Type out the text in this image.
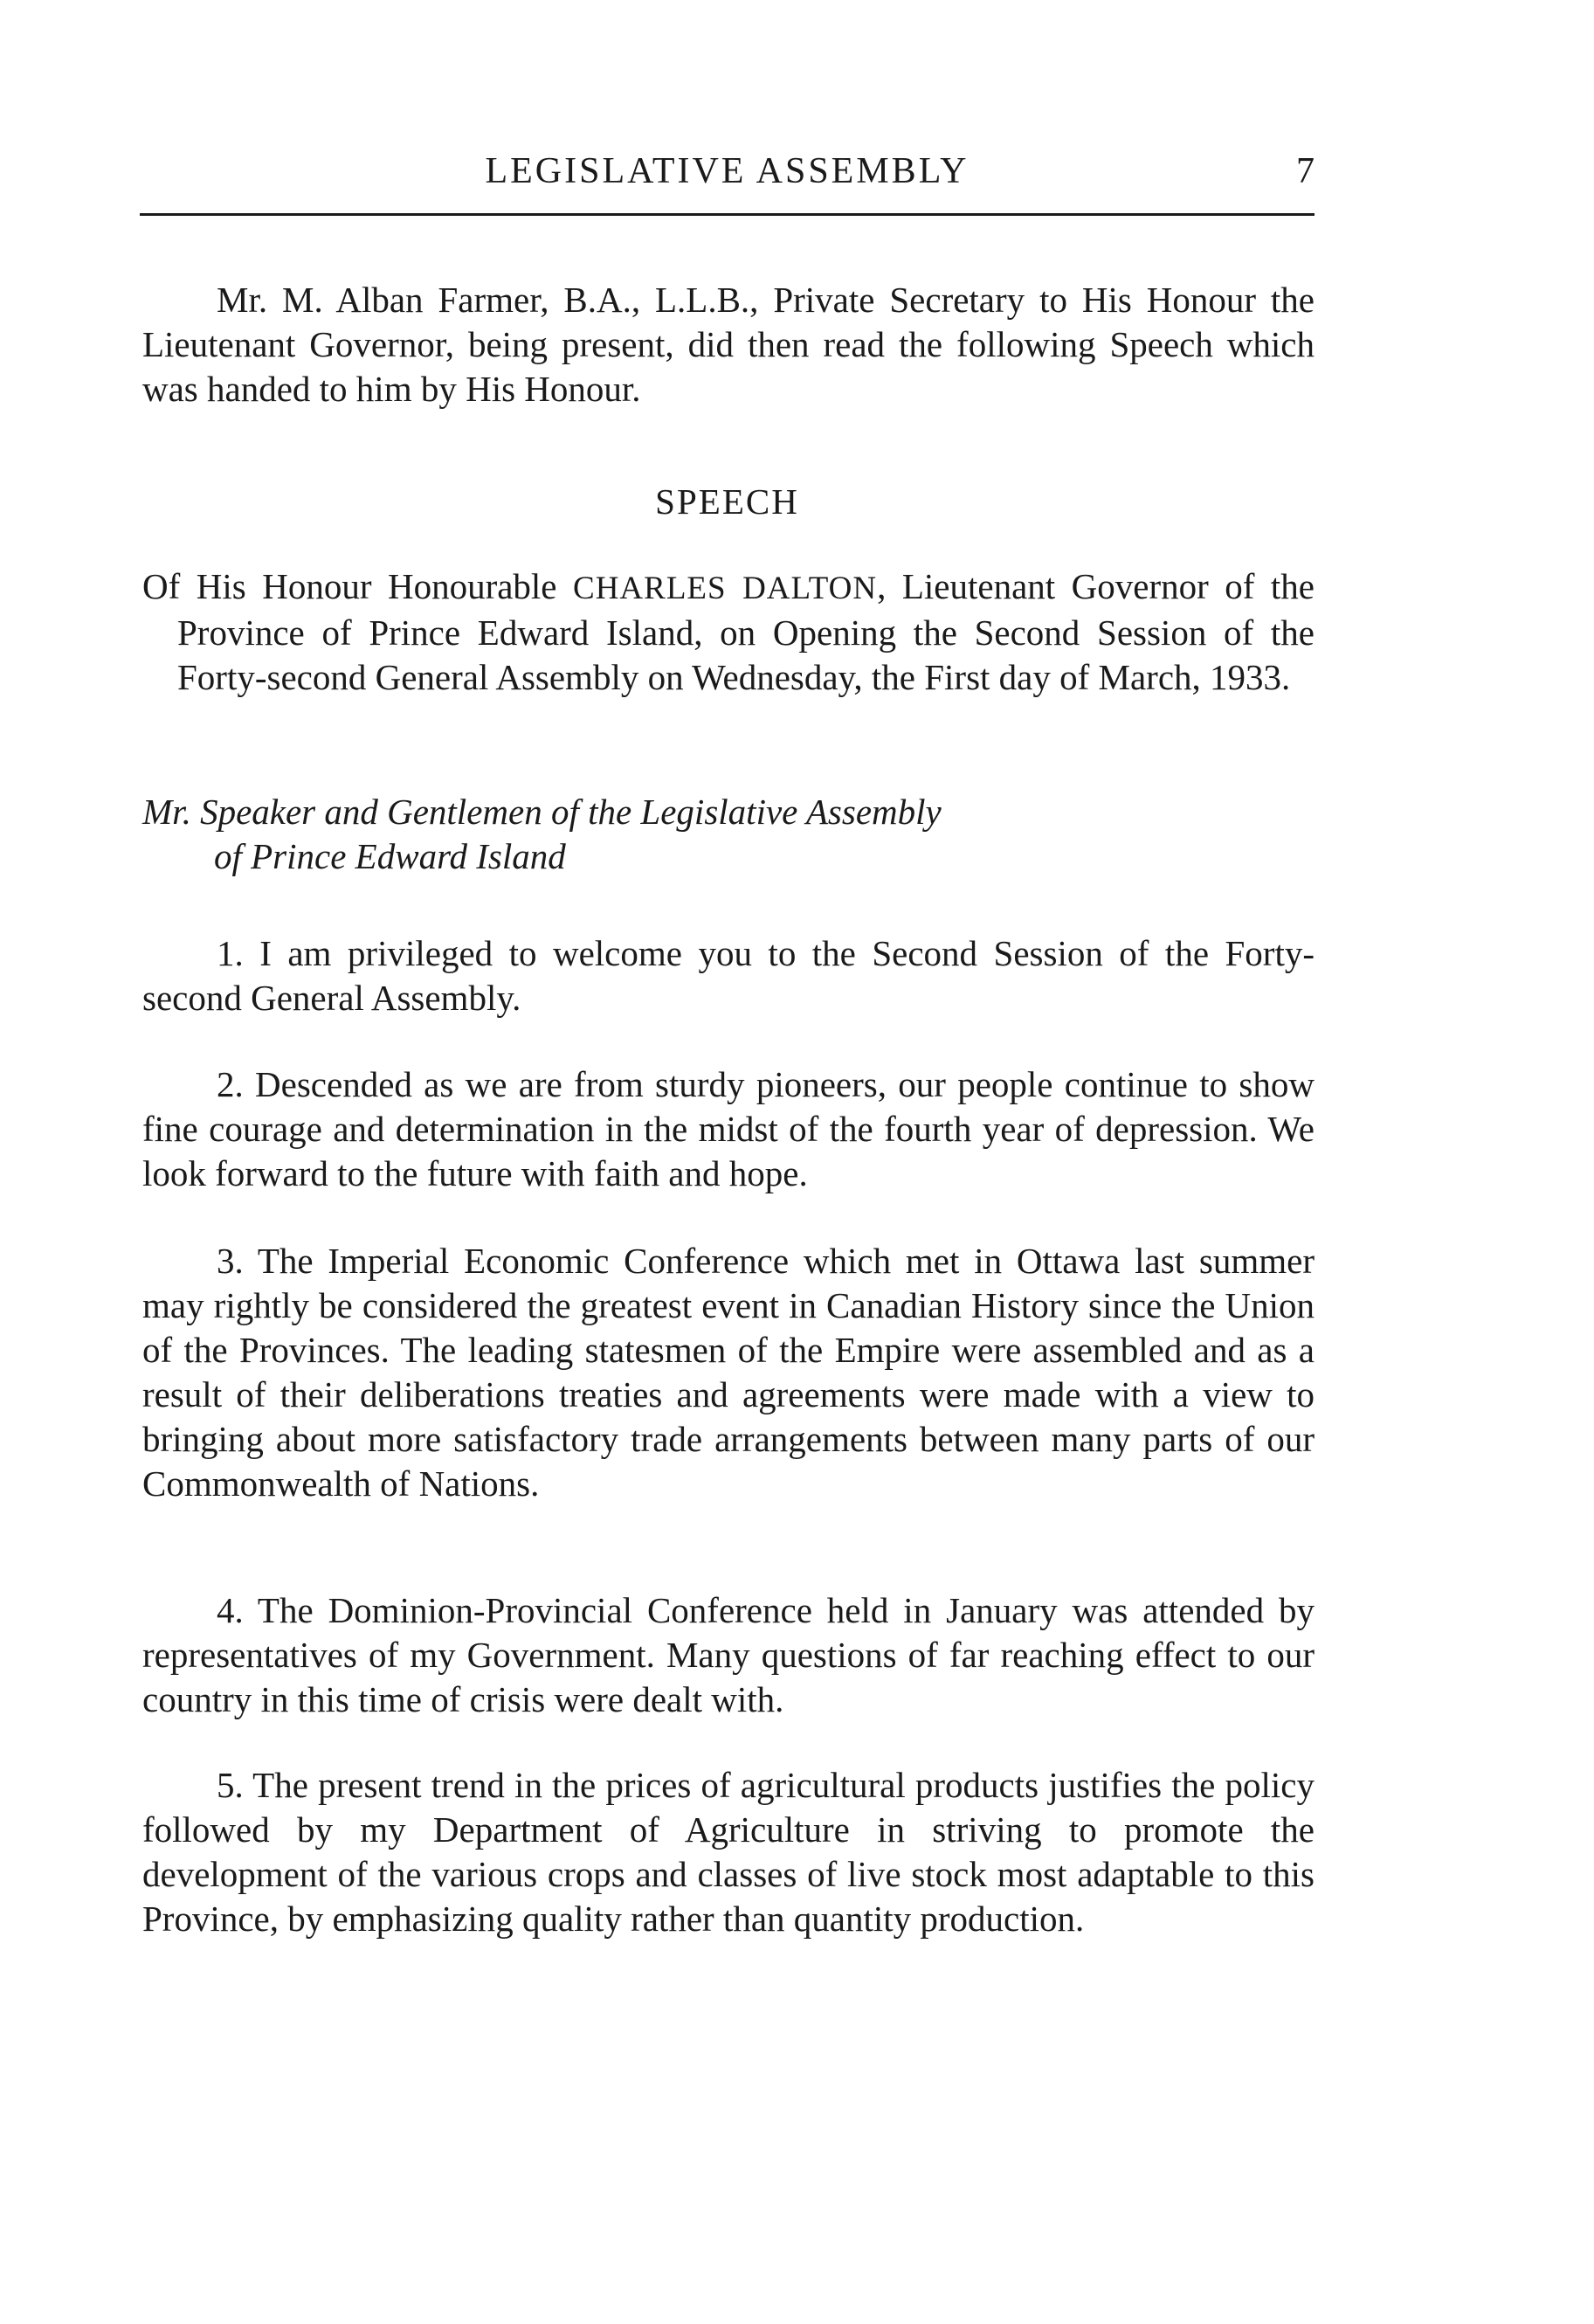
LEGISLATIVE ASSEMBLY	7

Mr. M. Alban Farmer, B.A., L.L.B., Private Secretary to His Honour the Lieutenant Governor, being present, did then read the following Speech which was handed to him by His Honour.

SPEECH

Of His Honour Honourable CHARLES DALTON, Lieutenant Governor of the Province of Prince Edward Island, on Opening the Second Session of the Forty-second General Assembly on Wednesday, the First day of March, 1933.

Mr. Speaker and Gentlemen of the Legislative Assembly
of Prince Edward Island

1. I am privileged to welcome you to the Second Session of the Forty-second General Assembly.

2. Descended as we are from sturdy pioneers, our people continue to show fine courage and determination in the midst of the fourth year of depression. We look forward to the future with faith and hope.

3. The Imperial Economic Conference which met in Ottawa last summer may rightly be considered the greatest event in Canadian History since the Union of the Provinces. The leading statesmen of the Empire were assembled and as a result of their deliberations treaties and agreements were made with a view to bringing about more satisfactory trade arrangements between many parts of our Commonwealth of Nations.

4. The Dominion-Provincial Conference held in January was attended by representatives of my Government. Many questions of far reaching effect to our country in this time of crisis were dealt with.

5. The present trend in the prices of agricultural products justifies the policy followed by my Department of Agriculture in striving to promote the development of the various crops and classes of live stock most adaptable to this Province, by emphasizing quality rather than quantity production.
